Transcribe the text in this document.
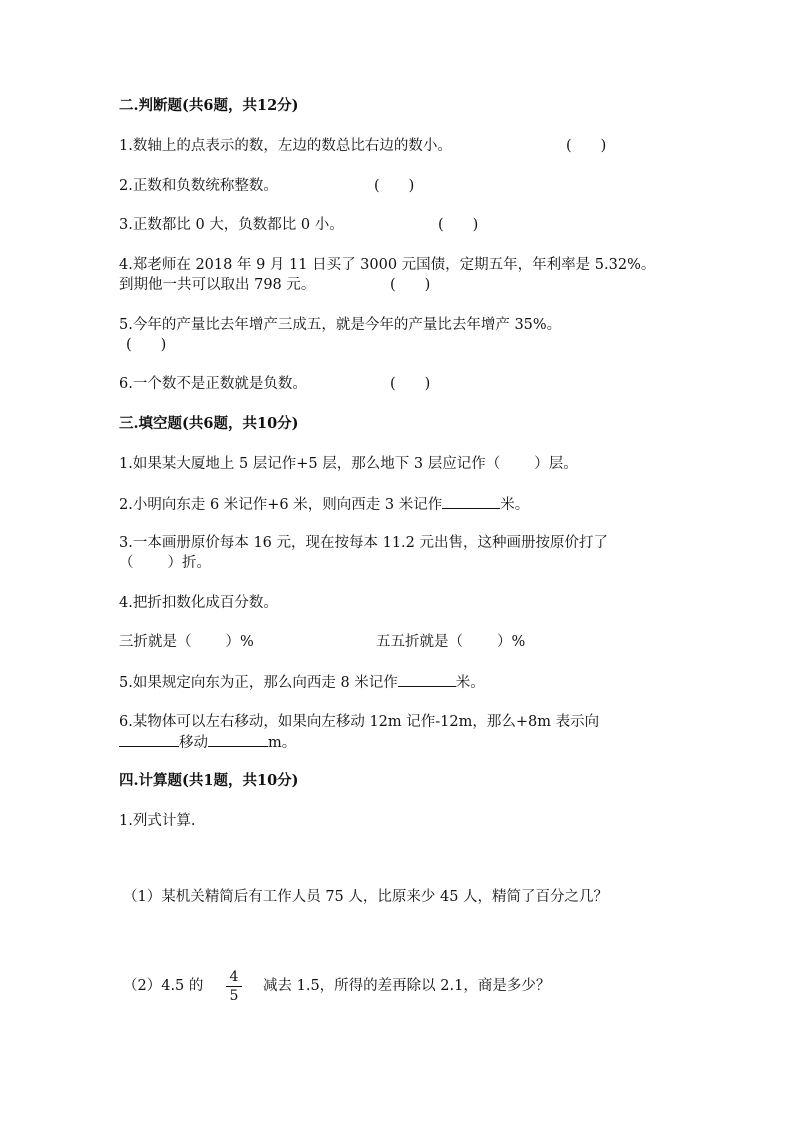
二.判断题(共6题，共12分)
1.数轴上的点表示的数，左边的数总比右边的数小。	(　　)
2.正数和负数统称整数。	(　　)
3.正数都比 0 大，负数都比 0 小。	(　　)
4.郑老师在 2018 年 9 月 11 日买了 3000 元国债，定期五年，年利率是 5.32%。
到期他一共可以取出 798 元。	(　　)
5.今年的产量比去年增产三成五，就是今年的产量比去年增产 35%。
(　　)
6.一个数不是正数就是负数。	(　　)
三.填空题(共6题，共10分)
1.如果某大厦地上 5 层记作+5 层，那么地下 3 层应记作（ ）层。
2.小明向东走 6 米记作+6 米，则向西走 3 米记作	米。
3.一本画册原价每本 16 元，现在按每本 11.2 元出售，这种画册按原价打了
（ ）折。
4.把折扣数化成百分数。
三折就是（ ）%	五五折就是（ ）%
5.如果规定向东为正，那么向西走 8 米记作	米。
6.某物体可以左右移动，如果向左移动 12m 记作-12m，那么+8m 表示向
移动	m。
四.计算题(共1题，共10分)
1.列式计算.
（1）某机关精简后有工作人员 75 人，比原来少 45 人，精简了百分之几？
（2）4.5 的
4
5
减去 1.5，所得的差再除以 2.1，商是多少？
